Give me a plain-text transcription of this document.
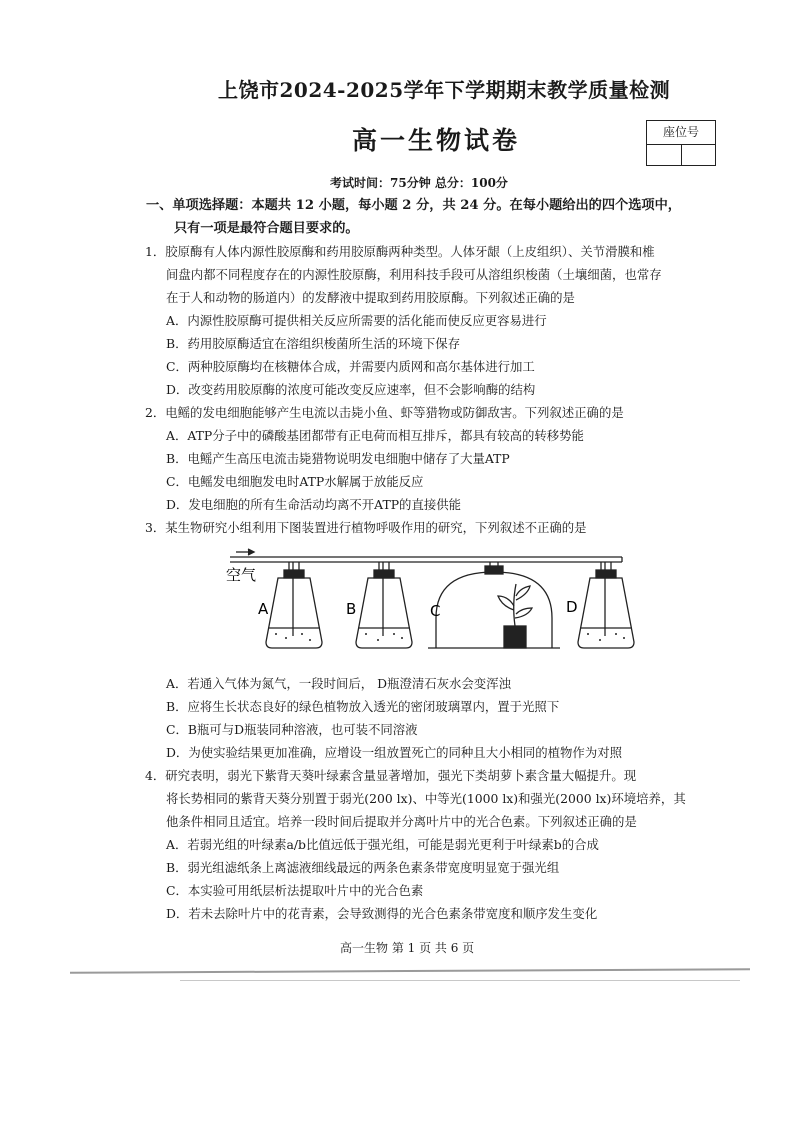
上饶市2024-2025学年下学期期末教学质量检测
高一生物试卷	座位号
考试时间：75分钟 总分：100分
一、单项选择题：本题共 12 小题，每小题 2 分，共 24 分。在每小题给出的四个选项中，
只有一项是最符合题目要求的。
1．胶原酶有人体内源性胶原酶和药用胶原酶两种类型。人体牙龈（上皮组织）、关节滑膜和椎
间盘内都不同程度存在的内源性胶原酶，利用科技手段可从溶组织梭菌（土壤细菌，也常存
在于人和动物的肠道内）的发酵液中提取到药用胶原酶。下列叙述正确的是
A．内源性胶原酶可提供相关反应所需要的活化能而使反应更容易进行
B．药用胶原酶适宜在溶组织梭菌所生活的环境下保存
C．两种胶原酶均在核糖体合成，并需要内质网和高尔基体进行加工
D．改变药用胶原酶的浓度可能改变反应速率，但不会影响酶的结构
2．电鳐的发电细胞能够产生电流以击毙小鱼、虾等猎物或防御敌害。下列叙述正确的是
A．ATP分子中的磷酸基团都带有正电荷而相互排斥，都具有较高的转移势能
B．电鳐产生高压电流击毙猎物说明发电细胞中储存了大量ATP
C．电鳐发电细胞发电时ATP水解属于放能反应
D．发电细胞的所有生命活动均离不开ATP的直接供能
3．某生物研究小组利用下图装置进行植物呼吸作用的研究，下列叙述不正确的是
空气
A	B	C	D
A．若通入气体为氮气，一段时间后， D瓶澄清石灰水会变浑浊
B．应将生长状态良好的绿色植物放入透光的密闭玻璃罩内，置于光照下
C．B瓶可与D瓶装同种溶液，也可装不同溶液
D．为使实验结果更加准确，应增设一组放置死亡的同种且大小相同的植物作为对照
4．研究表明，弱光下紫背天葵叶绿素含量显著增加，强光下类胡萝卜素含量大幅提升。现
将长势相同的紫背天葵分别置于弱光(200 lx)、中等光(1000 lx)和强光(2000 lx)环境培养，其
他条件相同且适宜。培养一段时间后提取并分离叶片中的光合色素。下列叙述正确的是
A．若弱光组的叶绿素a/b比值远低于强光组，可能是弱光更利于叶绿素b的合成
B．弱光组滤纸条上离滤液细线最远的两条色素条带宽度明显宽于强光组
C．本实验可用纸层析法提取叶片中的光合色素
D．若未去除叶片中的花青素，会导致测得的光合色素条带宽度和顺序发生变化
高一生物 第 1 页 共 6 页
